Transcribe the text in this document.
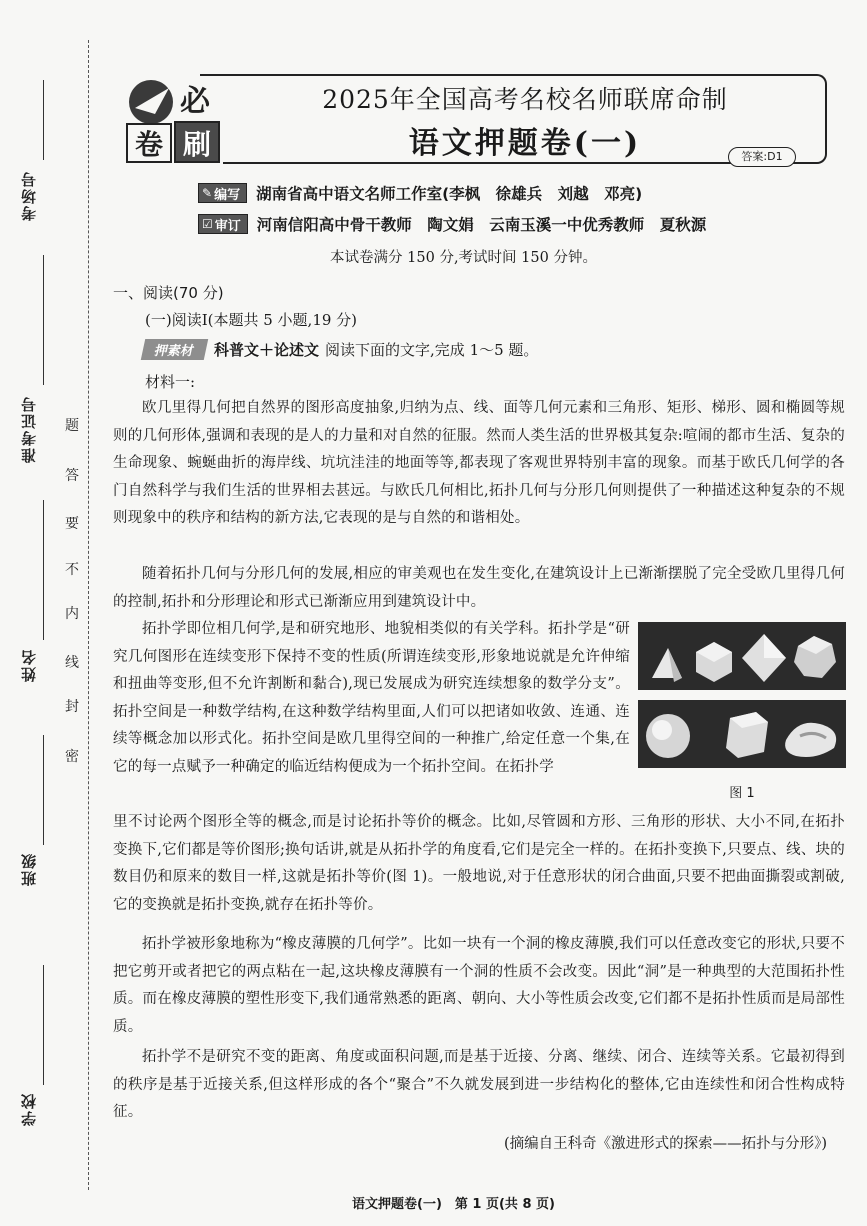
考场号
准考证号
姓名
班级
学校
题
答
要
不
内
线
封
密
必
卷 刷
2025年全国高考名校名师联席命制
语文押题卷(一)	答案:D1
✎ 编写 湖南省高中语文名师工作室(李枫　徐雄兵　刘越　邓亮)
☑ 审订 河南信阳高中骨干教师　陶文娟　云南玉溪一中优秀教师　夏秋源
本试卷满分 150 分,考试时间 150 分钟。
一、阅读(70 分)
(一)阅读Ⅰ(本题共 5 小题,19 分)
押素材	科普文＋论述文 阅读下面的文字,完成 1～5 题。
材料一:

欧几里得几何把自然界的图形高度抽象,归纳为点、线、面等几何元素和三角形、矩形、梯形、圆和椭圆等规则的几何形体,强调和表现的是人的力量和对自然的征服。然而人类生活的世界极其复杂:喧闹的都市生活、复杂的生命现象、蜿蜒曲折的海岸线、坑坑洼洼的地面等等,都表现了客观世界特别丰富的现象。而基于欧氏几何学的各门自然科学与我们生活的世界相去甚远。与欧氏几何相比,拓扑几何与分形几何则提供了一种描述这种复杂的不规则现象中的秩序和结构的新方法,它表现的是与自然的和谐相处。

随着拓扑几何与分形几何的发展,相应的审美观也在发生变化,在建筑设计上已渐渐摆脱了完全受欧几里得几何的控制,拓扑和分形理论和形式已渐渐应用到建筑设计中。

拓扑学即位相几何学,是和研究地形、地貌相类似的有关学科。拓扑学是“研究几何图形在连续变形下保持不变的性质(所谓连续变形,形象地说就是允许伸缩和扭曲等变形,但不允许割断和黏合),现已发展成为研究连续想象的数学分支”。拓扑空间是一种数学结构,在这种数学结构里面,人们可以把诸如收敛、连通、连续等概念加以形式化。拓扑空间是欧几里得空间的一种推广,给定任意一个集,在它的每一点赋予一种确定的临近结构便成为一个拓扑空间。在拓扑学

里不讨论两个图形全等的概念,而是讨论拓扑等价的概念。比如,尽管圆和方形、三角形的形状、大小不同,在拓扑变换下,它们都是等价图形;换句话讲,就是从拓扑学的角度看,它们是完全一样的。在拓扑变换下,只要点、线、块的数目仍和原来的数目一样,这就是拓扑等价(图 1)。一般地说,对于任意形状的闭合曲面,只要不把曲面撕裂或割破,它的变换就是拓扑变换,就存在拓扑等价。

拓扑学被形象地称为“橡皮薄膜的几何学”。比如一块有一个洞的橡皮薄膜,我们可以任意改变它的形状,只要不把它剪开或者把它的两点粘在一起,这块橡皮薄膜有一个洞的性质不会改变。因此“洞”是一种典型的大范围拓扑性质。而在橡皮薄膜的塑性形变下,我们通常熟悉的距离、朝向、大小等性质会改变,它们都不是拓扑性质而是局部性质。

拓扑学不是研究不变的距离、角度或面积问题,而是基于近接、分离、继续、闭合、连续等关系。它最初得到的秩序是基于近接关系,但这样形成的各个“聚合”不久就发展到进一步结构化的整体,它由连续性和闭合性构成特征。

图 1
(摘编自王科奇《激进形式的探索——拓扑与分形》)
语文押题卷(一)　第 1 页(共 8 页)
